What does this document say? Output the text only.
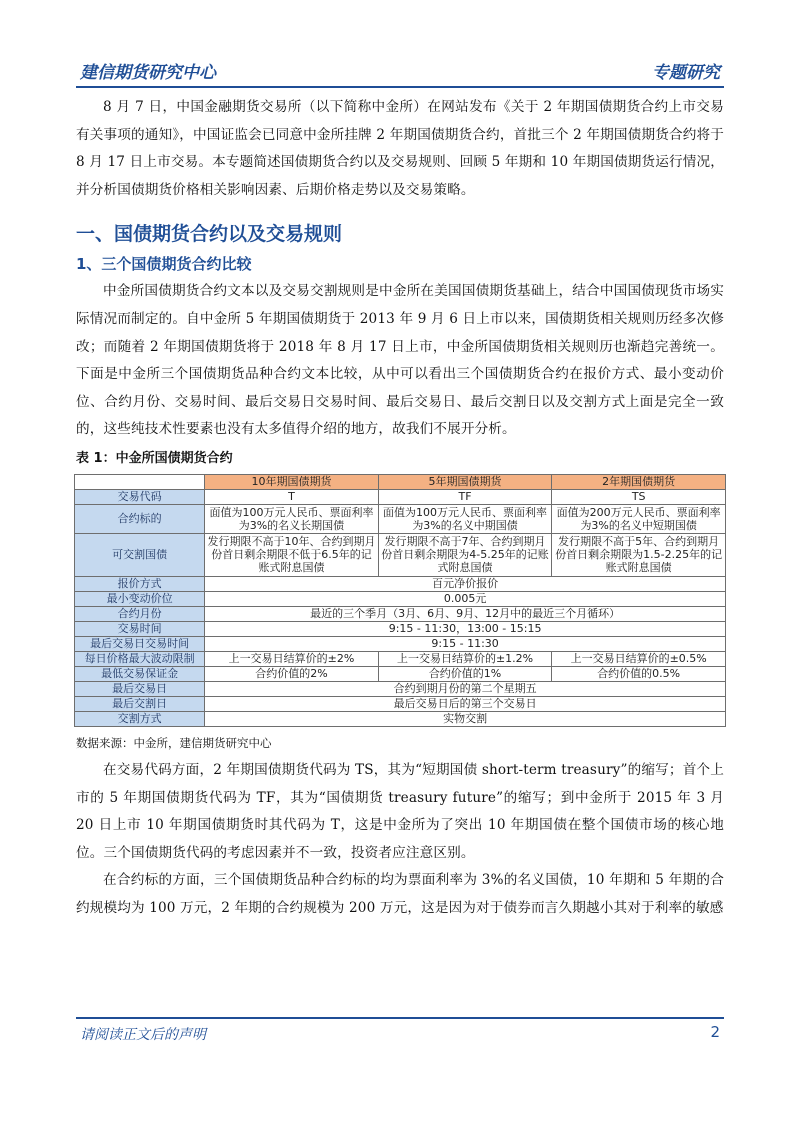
建信期货研究中心	专题研究

8 月 7 日，中国金融期货交易所（以下简称中金所）在网站发布《关于 2 年期国债期货合约上市交易有关事项的通知》，中国证监会已同意中金所挂牌 2 年期国债期货合约，首批三个 2 年期国债期货合约将于 8 月 17 日上市交易。本专题简述国债期货合约以及交易规则、回顾 5 年期和 10 年期国债期货运行情况，并分析国债期货价格相关影响因素、后期价格走势以及交易策略。

一、国债期货合约以及交易规则
1、三个国债期货合约比较

中金所国债期货合约文本以及交易交割规则是中金所在美国国债期货基础上，结合中国国债现货市场实际情况而制定的。自中金所 5 年期国债期货于 2013 年 9 月 6 日上市以来，国债期货相关规则历经多次修改；而随着 2 年期国债期货将于 2018 年 8 月 17 日上市，中金所国债期货相关规则历也渐趋完善统一。下面是中金所三个国债期货品种合约文本比较，从中可以看出三个国债期货合约在报价方式、最小变动价位、合约月份、交易时间、最后交易日交易时间、最后交易日、最后交割日以及交割方式上面是完全一致的，这些纯技术性要素也没有太多值得介绍的地方，故我们不展开分析。

表 1：中金所国债期货合约
	10年期国债期货	5年期国债期货	2年期国债期货
交易代码	T	TF	TS
合约标的	面值为100万元人民币、票面利率为3%的名义长期国债	面值为100万元人民币、票面利率为3%的名义中期国债	面值为200万元人民币、票面利率为3%的名义中短期国债
可交割国债	发行期限不高于10年、合约到期月份首日剩余期限不低于6.5年的记账式附息国债	发行期限不高于7年、合约到期月份首日剩余期限为4-5.25年的记账式附息国债	发行期限不高于5年、合约到期月份首日剩余期限为1.5-2.25年的记账式附息国债
报价方式	百元净价报价		
最小变动价位	0.005元		
合约月份	最近的三个季月（3月、6月、9月、12月中的最近三个月循环）		
交易时间	9:15 - 11:30，13:00 - 15:15		
最后交易日交易时间	9:15 - 11:30		
每日价格最大波动限制	上一交易日结算价的±2%	上一交易日结算价的±1.2%	上一交易日结算价的±0.5%
最低交易保证金	合约价值的2%	合约价值的1%	合约价值的0.5%
最后交易日	合约到期月份的第二个星期五		
最后交割日	最后交易日后的第三个交易日		
交割方式	实物交割		
数据来源：中金所，建信期货研究中心

在交易代码方面，2 年期国债期货代码为 TS，其为“短期国债 short-term treasury”的缩写；首个上市的 5 年期国债期货代码为 TF，其为“国债期货 treasury future”的缩写；到中金所于 2015 年 3 月 20 日上市 10 年期国债期货时其代码为 T，这是中金所为了突出 10 年期国债在整个国债市场的核心地位。三个国债期货代码的考虑因素并不一致，投资者应注意区别。

在合约标的方面，三个国债期货品种合约标的均为票面利率为 3%的名义国债，10 年期和 5 年期的合约规模均为 100 万元，2 年期的合约规模为 200 万元，这是因为对于债券而言久期越小其对于利率的敏感

请阅读正文后的声明	2
